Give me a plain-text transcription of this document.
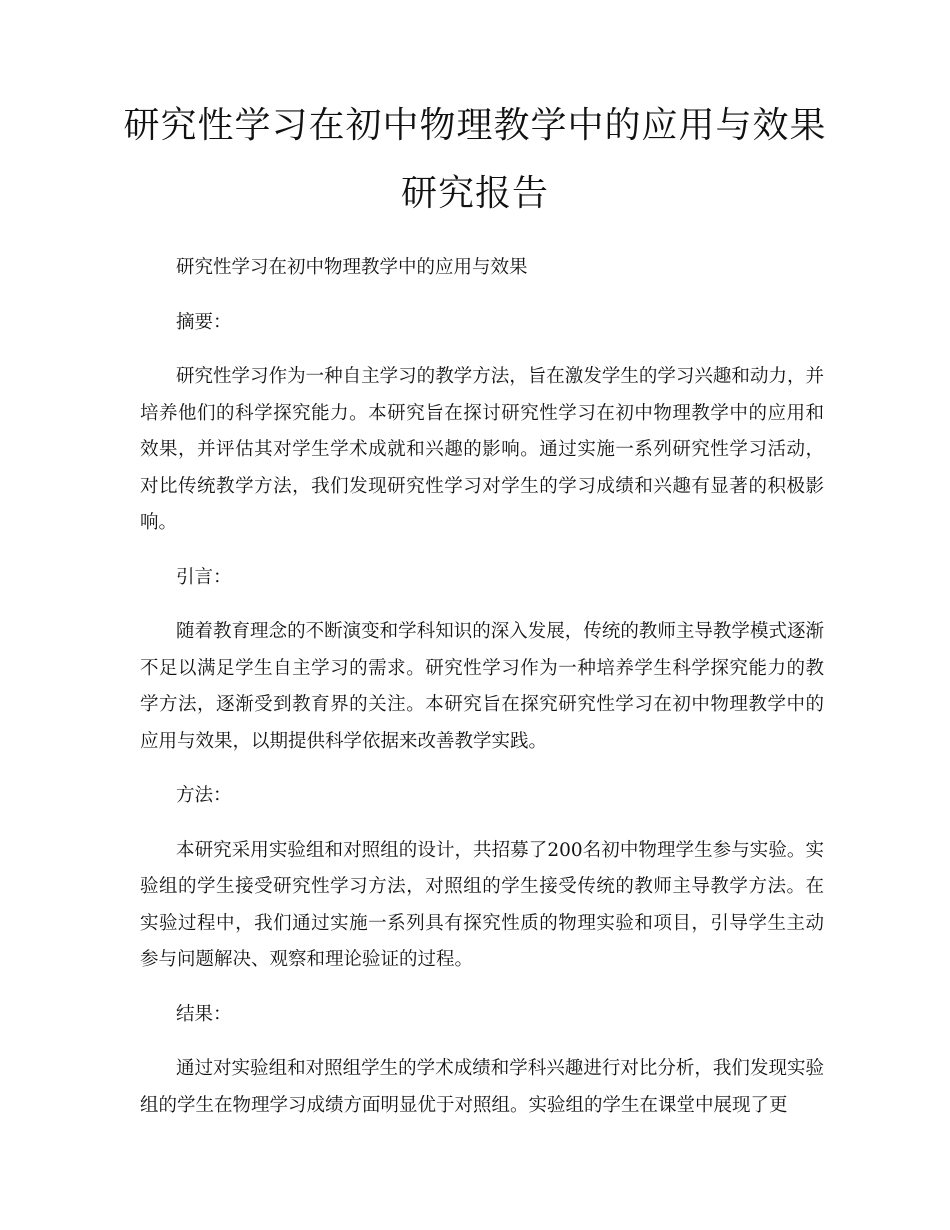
研究性学习在初中物理教学中的应用与效果研究报告

研究性学习在初中物理教学中的应用与效果

摘要：

研究性学习作为一种自主学习的教学方法，旨在激发学生的学习兴趣和动力，并培养他们的科学探究能力。本研究旨在探讨研究性学习在初中物理教学中的应用和效果，并评估其对学生学术成就和兴趣的影响。通过实施一系列研究性学习活动，对比传统教学方法，我们发现研究性学习对学生的学习成绩和兴趣有显著的积极影响。

引言：

随着教育理念的不断演变和学科知识的深入发展，传统的教师主导教学模式逐渐不足以满足学生自主学习的需求。研究性学习作为一种培养学生科学探究能力的教学方法，逐渐受到教育界的关注。本研究旨在探究研究性学习在初中物理教学中的应用与效果，以期提供科学依据来改善教学实践。

方法：

本研究采用实验组和对照组的设计，共招募了200名初中物理学生参与实验。实验组的学生接受研究性学习方法，对照组的学生接受传统的教师主导教学方法。在实验过程中，我们通过实施一系列具有探究性质的物理实验和项目，引导学生主动参与问题解决、观察和理论验证的过程。

结果：

通过对实验组和对照组学生的学术成绩和学科兴趣进行对比分析，我们发现实验组的学生在物理学习成绩方面明显优于对照组。实验组的学生在课堂中展现了更
